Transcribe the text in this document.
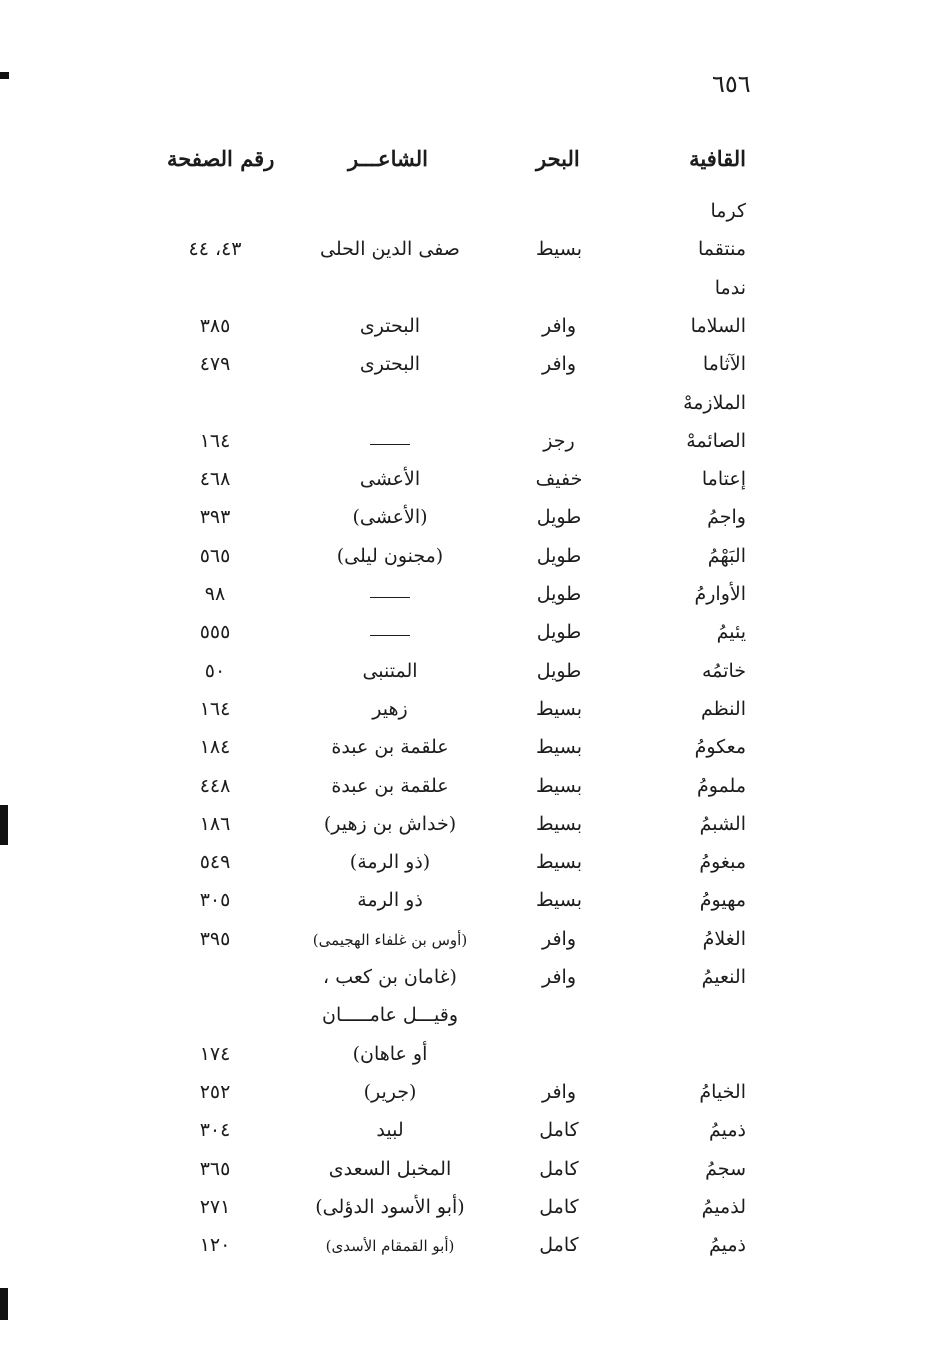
٦٥٦
القافية
البحر
الشاعـــر
رقم الصفحة
كرما
منتقما
بسيط
صفى الدين الحلى
٤٣، ٤٤
ندما
السلاما
وافر
البحترى
٣٨٥
الآثاما
وافر
البحترى
٤٧٩
الملازمهْ
الصائمهْ
رجز
١٦٤
إعتاما
خفيف
الأعشى
٤٦٨
واجمُ
طويل
(الأعشى)
٣٩٣
البَهْمُ
طويل
(مجنون ليلى)
٥٦٥
الأوارمُ
طويل
٩٨
يئيمُ
طويل
٥٥٥
خاتمُه
طويل
المتنبى
٥٠
النظم
بسيط
زهير
١٦٤
معكومُ
بسيط
علقمة بن عبدة
١٨٤
ملمومُ
بسيط
علقمة بن عبدة
٤٤٨
الشبمُ
بسيط
(خداش بن زهير)
١٨٦
مبغومُ
بسيط
(ذو الرمة)
٥٤٩
مهيومُ
بسيط
ذو الرمة
٣٠٥
الغلامُ
وافر
(أوس بن غلفاء الهجيمى)
٣٩٥
النعيمُ
وافر
(غامان بن كعب ،
وقيـــل عامـــــان
أو عاهان)
١٧٤
الخيامُ
وافر
(جرير)
٢٥٢
ذميمُ
كامل
لبيد
٣٠٤
سجمُ
كامل
المخبل السعدى
٣٦٥
لذميمُ
كامل
(أبو الأسود الدؤلى)
٢٧١
ذميمُ
كامل
(أبو القمقام الأسدى)
١٢٠
